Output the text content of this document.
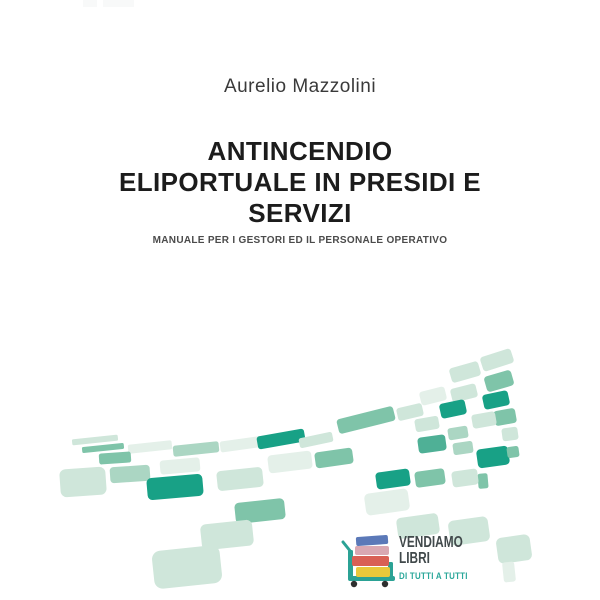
Aurelio Mazzolini
ANTINCENDIO
ELIPORTUALE IN PRESIDI E
SERVIZI
MANUALE PER I GESTORI ED IL PERSONALE OPERATIVO
VENDIAMO
LIBRI
DI TUTTI A TUTTI
